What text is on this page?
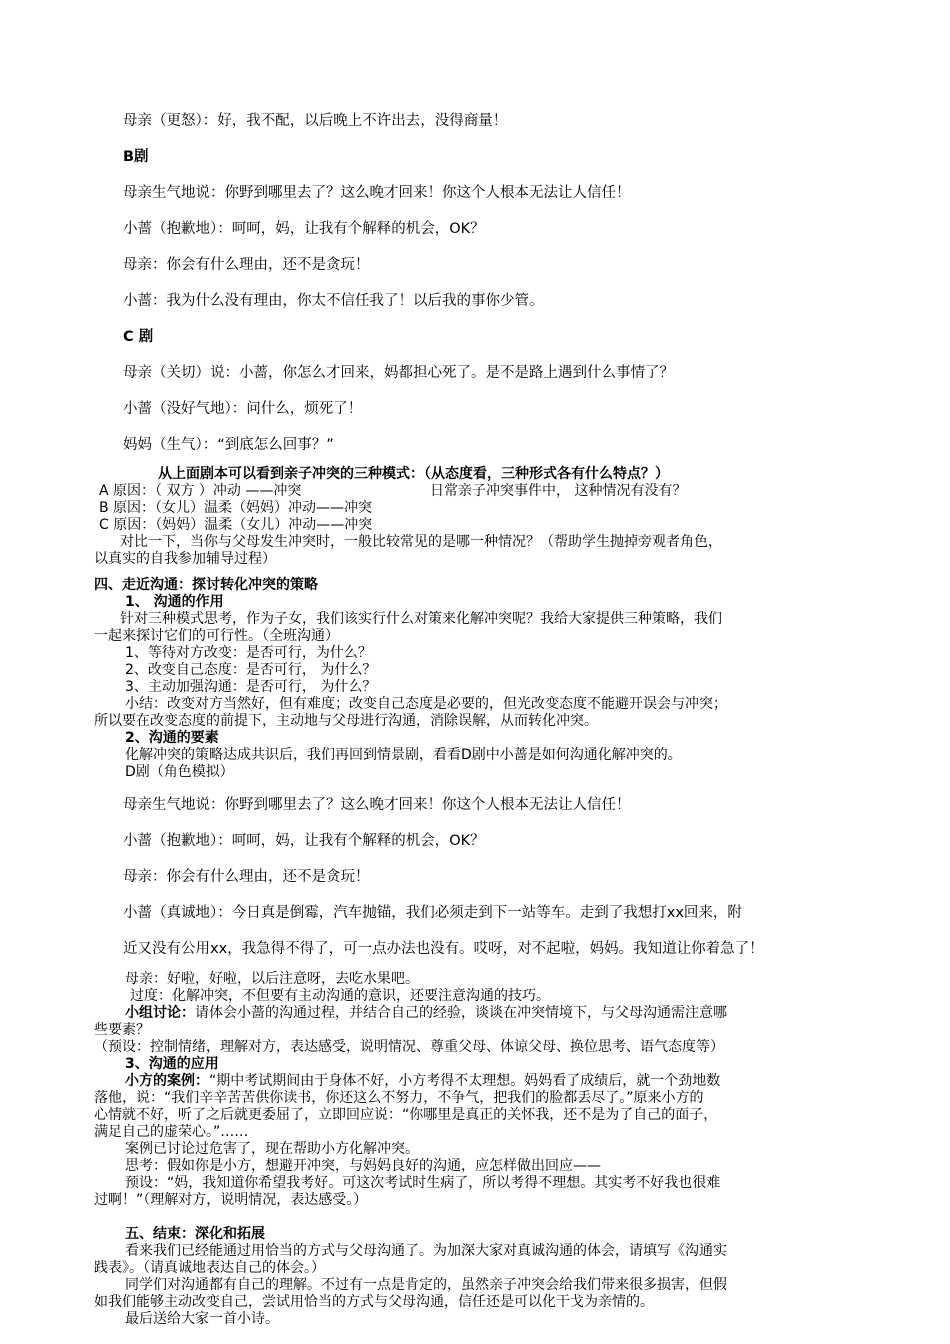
母亲（更怒）：好，我不配，以后晚上不许出去，没得商量！
B剧
母亲生气地说：你野到哪里去了？这么晚才回来！你这个人根本无法让人信任！
小蔷（抱歉地）：呵呵，妈，让我有个解释的机会，OK？
母亲：你会有什么理由，还不是贪玩！
小蔷：我为什么没有理由，你太不信任我了！以后我的事你少管。
C 剧
母亲（关切）说：小蔷，你怎么才回来，妈都担心死了。是不是路上遇到什么事情了？
小蔷（没好气地）：问什么，烦死了！
妈妈（生气）：“到底怎么回事？”
从上面剧本可以看到亲子冲突的三种模式：（从态度看，三种形式各有什么特点？）
A 原因：（ 双方 ）冲动 ——冲突	日常亲子冲突事件中， 这种情况有没有？
B 原因：（女儿）温柔（妈妈）冲动——冲突
C 原因：（妈妈）温柔（女儿）冲动——冲突
对比一下，当你与父母发生冲突时，一般比较常见的是哪一种情况？（帮助学生抛掉旁观者角色，
以真实的自我参加辅导过程）
四、走近沟通：探讨转化冲突的策略
1、 沟通的作用
针对三种模式思考，作为子女，我们该实行什么对策来化解冲突呢？我给大家提供三种策略，我们
一起来探讨它们的可行性。（全班沟通）
1、等待对方改变：是否可行，为什么？
2、改变自己态度：是否可行， 为什么？
3、主动加强沟通：是否可行， 为什么？
小结：改变对方当然好，但有难度；改变自己态度是必要的，但光改变态度不能避开误会与冲突；
所以要在改变态度的前提下，主动地与父母进行沟通，消除误解，从而转化冲突。
2、沟通的要素
化解冲突的策略达成共识后，我们再回到情景剧，看看D剧中小蔷是如何沟通化解冲突的。
D剧（角色模拟）
母亲生气地说：你野到哪里去了？这么晚才回来！你这个人根本无法让人信任！
小蔷（抱歉地）：呵呵，妈，让我有个解释的机会，OK？
母亲：你会有什么理由，还不是贪玩！
小蔷（真诚地）：今日真是倒霉，汽车抛锚，我们必须走到下一站等车。走到了我想打xx回来，附
近又没有公用xx，我急得不得了，可一点办法也没有。哎呀，对不起啦，妈妈。我知道让你着急了！
母亲：好啦，好啦，以后注意呀，去吃水果吧。
过度：化解冲突，不但要有主动沟通的意识，还要注意沟通的技巧。
小组讨论：请体会小蔷的沟通过程，并结合自己的经验，谈谈在冲突情境下，与父母沟通需注意哪
些要素？
（预设：控制情绪，理解对方，表达感受，说明情况、尊重父母、体谅父母、换位思考、语气态度等）
3、沟通的应用
小方的案例：“期中考试期间由于身体不好，小方考得不太理想。妈妈看了成绩后，就一个劲地数
落他，说：“我们辛辛苦苦供你读书，你还这么不努力，不争气，把我们的脸都丢尽了。”原来小方的
心情就不好，听了之后就更委屈了，立即回应说：“你哪里是真正的关怀我，还不是为了自己的面子，
满足自己的虚荣心。”……
案例已讨论过危害了，现在帮助小方化解冲突。
思考：假如你是小方，想避开冲突，与妈妈良好的沟通，应怎样做出回应——
预设：“妈，我知道你希望我考好。可这次考试时生病了，所以考得不理想。其实考不好我也很难
过啊！”（理解对方，说明情况，表达感受。）
五、结束：深化和拓展
看来我们已经能通过用恰当的方式与父母沟通了。为加深大家对真诚沟通的体会，请填写《沟通实
践表》。（请真诚地表达自己的体会。）
同学们对沟通都有自己的理解。不过有一点是肯定的，虽然亲子冲突会给我们带来很多损害，但假
如我们能够主动改变自己，尝试用恰当的方式与父母沟通，信任还是可以化干戈为亲情的。
最后送给大家一首小诗。
